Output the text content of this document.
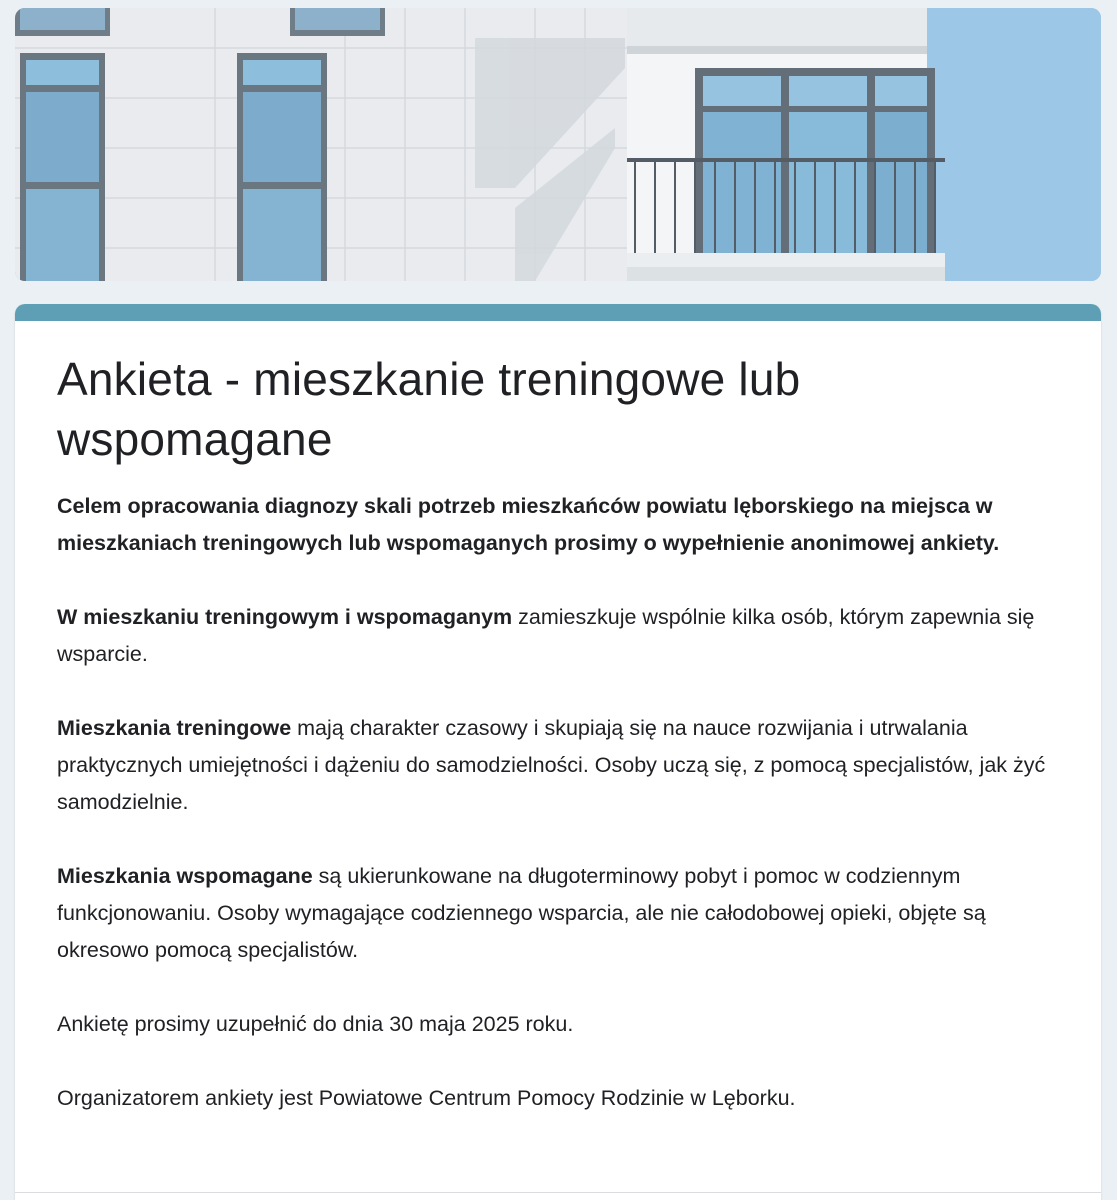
Ankieta - mieszkanie treningowe lub wspomagane

Celem opracowania diagnozy skali potrzeb mieszkańców powiatu lęborskiego na miejsca w mieszkaniach treningowych lub wspomaganych prosimy o wypełnienie anonimowej ankiety.

W mieszkaniu treningowym i wspomaganym zamieszkuje wspólnie kilka osób, którym zapewnia się wsparcie.

Mieszkania treningowe mają charakter czasowy i skupiają się na nauce rozwijania i utrwalania praktycznych umiejętności i dążeniu do samodzielności. Osoby uczą się, z pomocą specjalistów, jak żyć samodzielnie.

Mieszkania wspomagane są ukierunkowane na długoterminowy pobyt i pomoc w codziennym funkcjonowaniu. Osoby wymagające codziennego wsparcia, ale nie całodobowej opieki, objęte są okresowo pomocą specjalistów.

Ankietę prosimy uzupełnić do dnia 30 maja 2025 roku.

Organizatorem ankiety jest Powiatowe Centrum Pomocy Rodzinie w Lęborku.
